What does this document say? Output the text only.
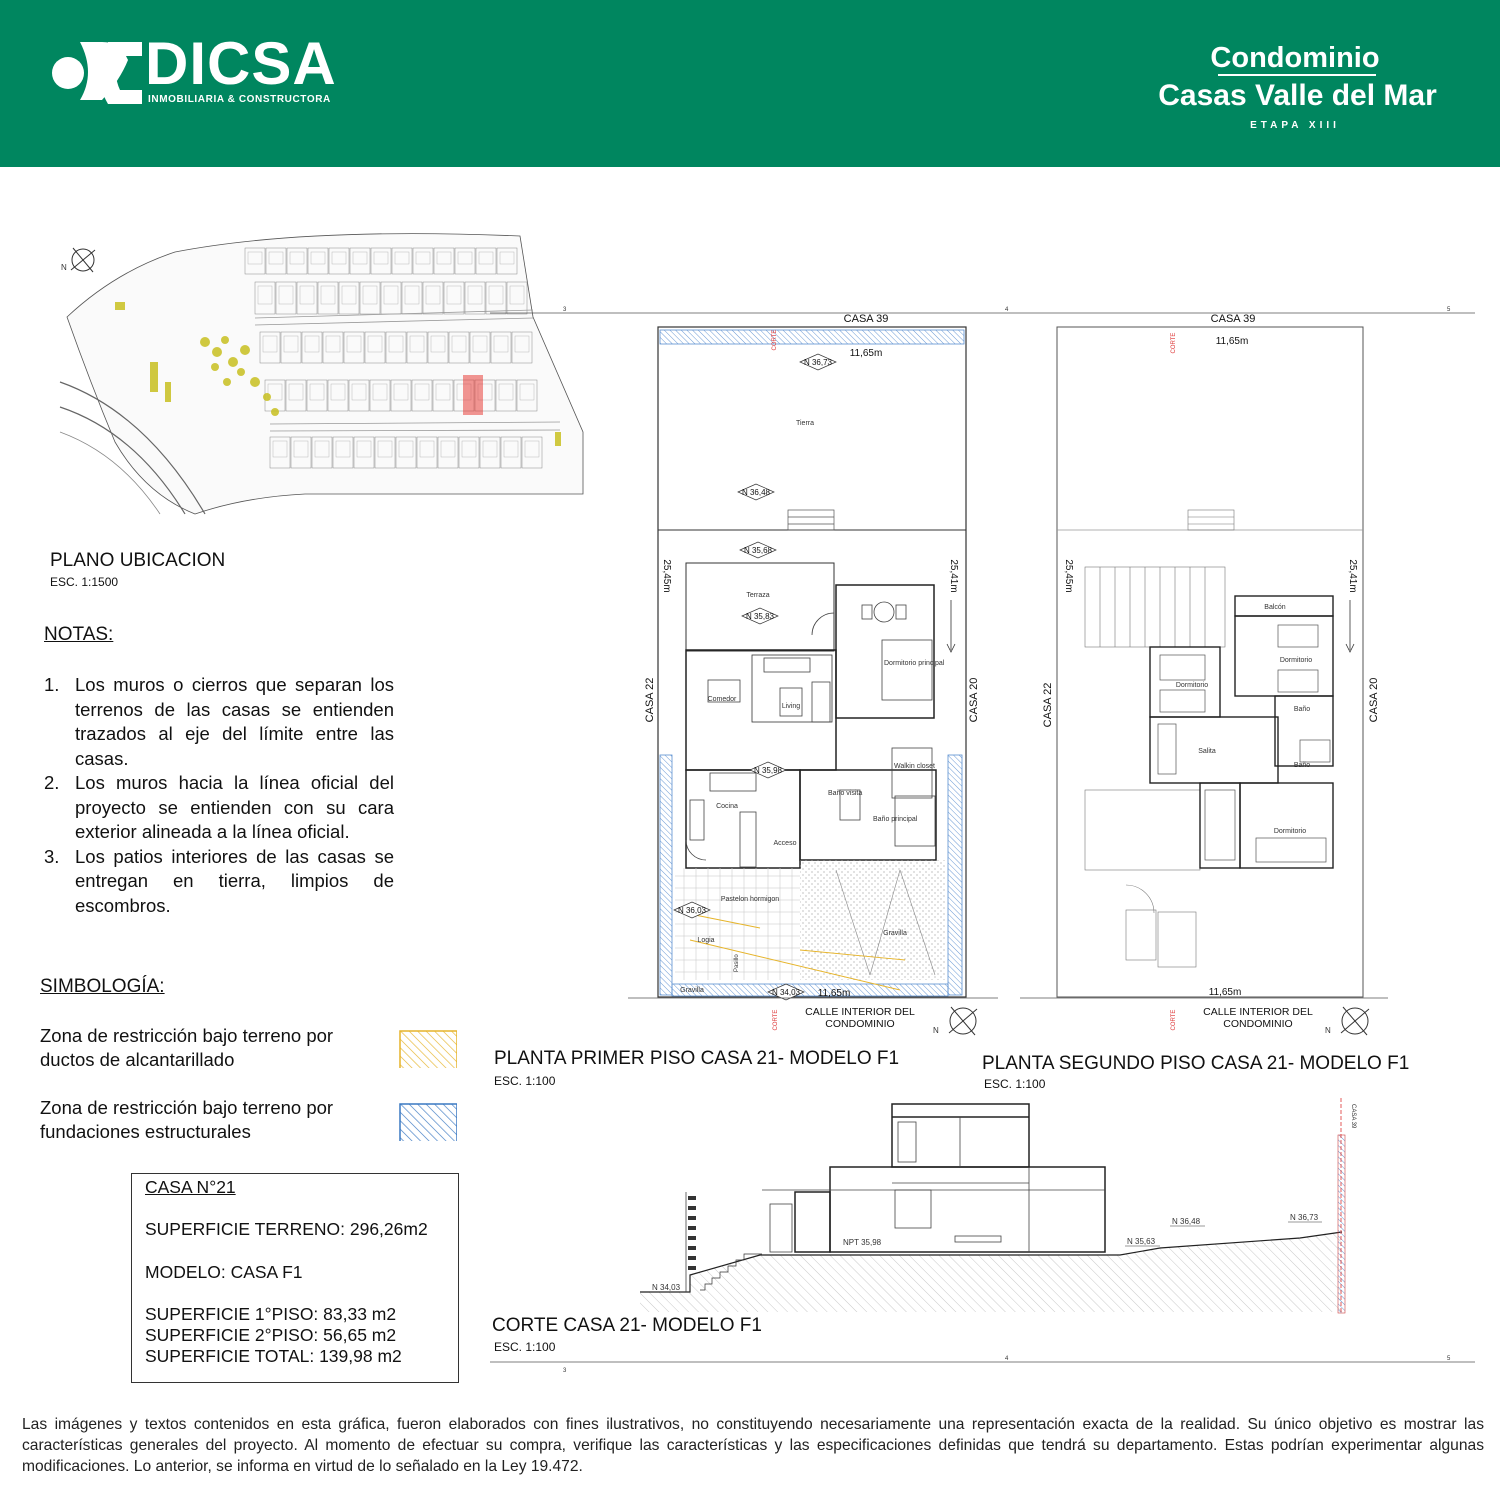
DICSA
INMOBILIARIA & CONSTRUCTORA
Condominio
Casas Valle del Mar
ETAPA XIII
N
PLANO UBICACION
ESC. 1:1500
NOTAS:
1. Los muros o cierros que separan los terrenos de las casas se entienden trazados al eje del límite entre las casas.
2. Los muros hacia la línea oficial del proyecto se entienden con su cara exterior alineada a la línea oficial.
3. Los patios interiores de las casas se entregan en tierra, limpios de escombros.
SIMBOLOGÍA:
Zona de restricción bajo terreno por ductos de alcantarillado
Zona de restricción bajo terreno por fundaciones estructurales
CASA N°21
SUPERFICIE TERRENO: 296,26m2
MODELO: CASA F1
SUPERFICIE 1°PISO: 83,33 m2
SUPERFICIE 2°PISO: 56,65 m2
SUPERFICIE TOTAL: 139,98 m2
3	4	5
CASA 39
11,65m
11,65m
CASA 22	CASA 20
25,45m	25,41m
Tierra
Terraza
Comedor
Living
Dormitorio principal
Walkin closet
Baño visita
Baño principal
Cocina
Acceso
Pastelon hormigon
Logia
Gravilla
Gravilla
Pasillo
N 36,73
N 36,48
N 35,68
N 35,83
N 35,98
N 36,03
N 34,03
CORTE
CORTE	CALLE INTERIOR DEL CONDOMINIO
N
CASA 39
11,65m
11,65m
CASA 22	CASA 20
25,45m	25,41m
Balcón
Dormitorio
Dormitorio
Dormitorio
Salita
Baño
Baño
CORTE
CORTE	CALLE INTERIOR DEL CONDOMINIO
N
PLANTA PRIMER PISO CASA 21- MODELO F1
ESC. 1:100
PLANTA SEGUNDO PISO CASA 21- MODELO F1
ESC. 1:100
CASA 39
N 34,03
NPT 35,98	N 35,63
N 36,48	N 36,73
3
4	5
CORTE CASA 21- MODELO F1
ESC. 1:100
Las imágenes y textos contenidos en esta gráfica, fueron elaborados con fines ilustrativos, no constituyendo necesariamente una representación exacta de la realidad. Su único objetivo es mostrar las características generales del proyecto. Al momento de efectuar su compra, verifique las características y las especificaciones definidas que tendrá su departamento. Estas podrían experimentar algunas modificaciones. Lo anterior, se informa en virtud de lo señalado en la Ley 19.472.
